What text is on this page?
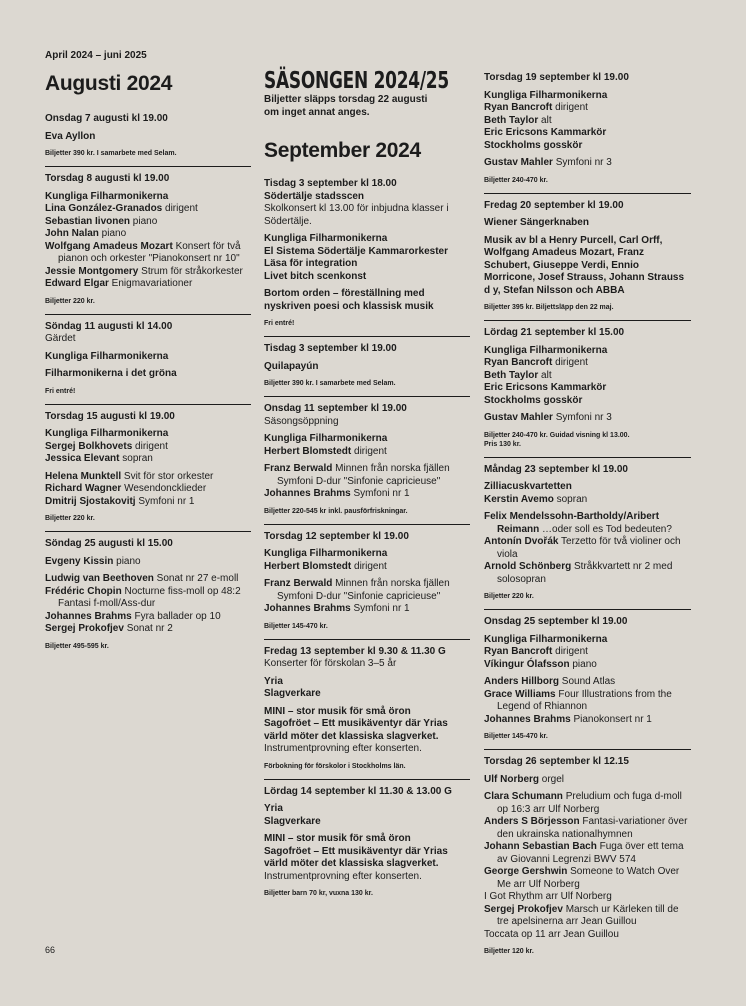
April 2024 – juni 2025
Augusti 2024
Onsdag 7 augusti kl 19.00
Eva Ayllon
Biljetter 390 kr. I samarbete med Selam.
Torsdag 8 augusti kl 19.00
Kungliga Filharmonikerna
Lina González-Granados dirigent
Sebastian Iivonen piano
John Nalan piano
Wolfgang Amadeus Mozart Konsert för två pianon och orkester "Pianokonsert nr 10"
Jessie Montgomery Strum för stråkorkester
Edward Elgar Enigmavariationer
Biljetter 220 kr.
Söndag 11 augusti kl 14.00
Gärdet
Kungliga Filharmonikerna
Filharmonikerna i det gröna
Fri entré!
Torsdag 15 augusti kl 19.00
Kungliga Filharmonikerna
Sergej Bolkhovets dirigent
Jessica Elevant sopran
Helena Munktell Svit för stor orkester
Richard Wagner Wesendoncklieder
Dmitrij Sjostakovitj Symfoni nr 1
Biljetter 220 kr.
Söndag 25 augusti kl 15.00
Evgeny Kissin piano
Ludwig van Beethoven Sonat nr 27 e-moll
Frédéric Chopin Nocturne fiss-moll op 48:2 Fantasi f-moll/Ass-dur
Johannes Brahms Fyra ballader op 10
Sergej Prokofjev Sonat nr 2
Biljetter 495-595 kr.
SÄSONGEN 2024/25
Biljetter släpps torsdag 22 augusti
om inget annat anges.
September 2024
Tisdag 3 september kl 18.00
Södertälje stadsscen
Skolkonsert kl 13.00 för inbjudna klasser i Södertälje.
Kungliga Filharmonikerna
El Sistema Södertälje Kammarorkester
Läsa för integration
Livet bitch scenkonst
Bortom orden – föreställning med nyskriven poesi och klassisk musik
Fri entré!
Tisdag 3 september kl 19.00
Quilapayún
Biljetter 390 kr. I samarbete med Selam.
Onsdag 11 september kl 19.00
Säsongsöppning
Kungliga Filharmonikerna
Herbert Blomstedt dirigent
Franz Berwald Minnen från norska fjällen Symfoni D-dur "Sinfonie capricieuse"
Johannes Brahms Symfoni nr 1
Biljetter 220-545 kr inkl. pausförfriskningar.
Torsdag 12 september kl 19.00
Kungliga Filharmonikerna
Herbert Blomstedt dirigent
Franz Berwald Minnen från norska fjällen Symfoni D-dur "Sinfonie capricieuse"
Johannes Brahms Symfoni nr 1
Biljetter 145-470 kr.
Fredag 13 september kl 9.30 & 11.30 G
Konserter för förskolan 3–5 år
Yria
Slagverkare
MINI – stor musik för små öron
Sagofröet – Ett musikäventyr där Yrias värld möter det klassiska slagverket.
Instrumentprovning efter konserten.
Förbokning för förskolor i Stockholms län.
Lördag 14 september kl 11.30 & 13.00 G
Yria
Slagverkare
MINI – stor musik för små öron
Sagofröet – Ett musikäventyr där Yrias värld möter det klassiska slagverket.
Instrumentprovning efter konserten.
Biljetter barn 70 kr, vuxna 130 kr.
Torsdag 19 september kl 19.00
Kungliga Filharmonikerna
Ryan Bancroft dirigent
Beth Taylor alt
Eric Ericsons Kammarkör
Stockholms gosskör
Gustav Mahler Symfoni nr 3
Biljetter 240-470 kr.
Fredag 20 september kl 19.00
Wiener Sängerknaben
Musik av bl a Henry Purcell, Carl Orff, Wolfgang Amadeus Mozart, Franz Schubert, Giuseppe Verdi, Ennio Morricone, Josef Strauss, Johann Strauss d y, Stefan Nilsson och ABBA
Biljetter 395 kr. Biljettsläpp den 22 maj.
Lördag 21 september kl 15.00
Kungliga Filharmonikerna
Ryan Bancroft dirigent
Beth Taylor alt
Eric Ericsons Kammarkör
Stockholms gosskör
Gustav Mahler Symfoni nr 3
Biljetter 240-470 kr. Guidad visning kl 13.00.
Pris 130 kr.
Måndag 23 september kl 19.00
Zilliacuskvartetten
Kerstin Avemo sopran
Felix Mendelssohn-Bartholdy/Aribert Reimann …oder soll es Tod bedeuten?
Antonín Dvořák Terzetto för två violiner och viola
Arnold Schönberg Stråkkvartett nr 2 med solosopran
Biljetter 220 kr.
Onsdag 25 september kl 19.00
Kungliga Filharmonikerna
Ryan Bancroft dirigent
Víkingur Ólafsson piano
Anders Hillborg Sound Atlas
Grace Williams Four Illustrations from the Legend of Rhiannon
Johannes Brahms Pianokonsert nr 1
Biljetter 145-470 kr.
Torsdag 26 september kl 12.15
Ulf Norberg orgel
Clara Schumann Preludium och fuga d-moll op 16:3 arr Ulf Norberg
Anders S Börjesson Fantasi-variationer över den ukrainska nationalhymnen
Johann Sebastian Bach Fuga över ett tema av Giovanni Legrenzi BWV 574
George Gershwin Someone to Watch Over Me arr Ulf Norberg
I Got Rhythm arr Ulf Norberg
Sergej Prokofjev Marsch ur Kärleken till de tre apelsinerna arr Jean Guillou
Toccata op 11 arr Jean Guillou
Biljetter 120 kr.
66
